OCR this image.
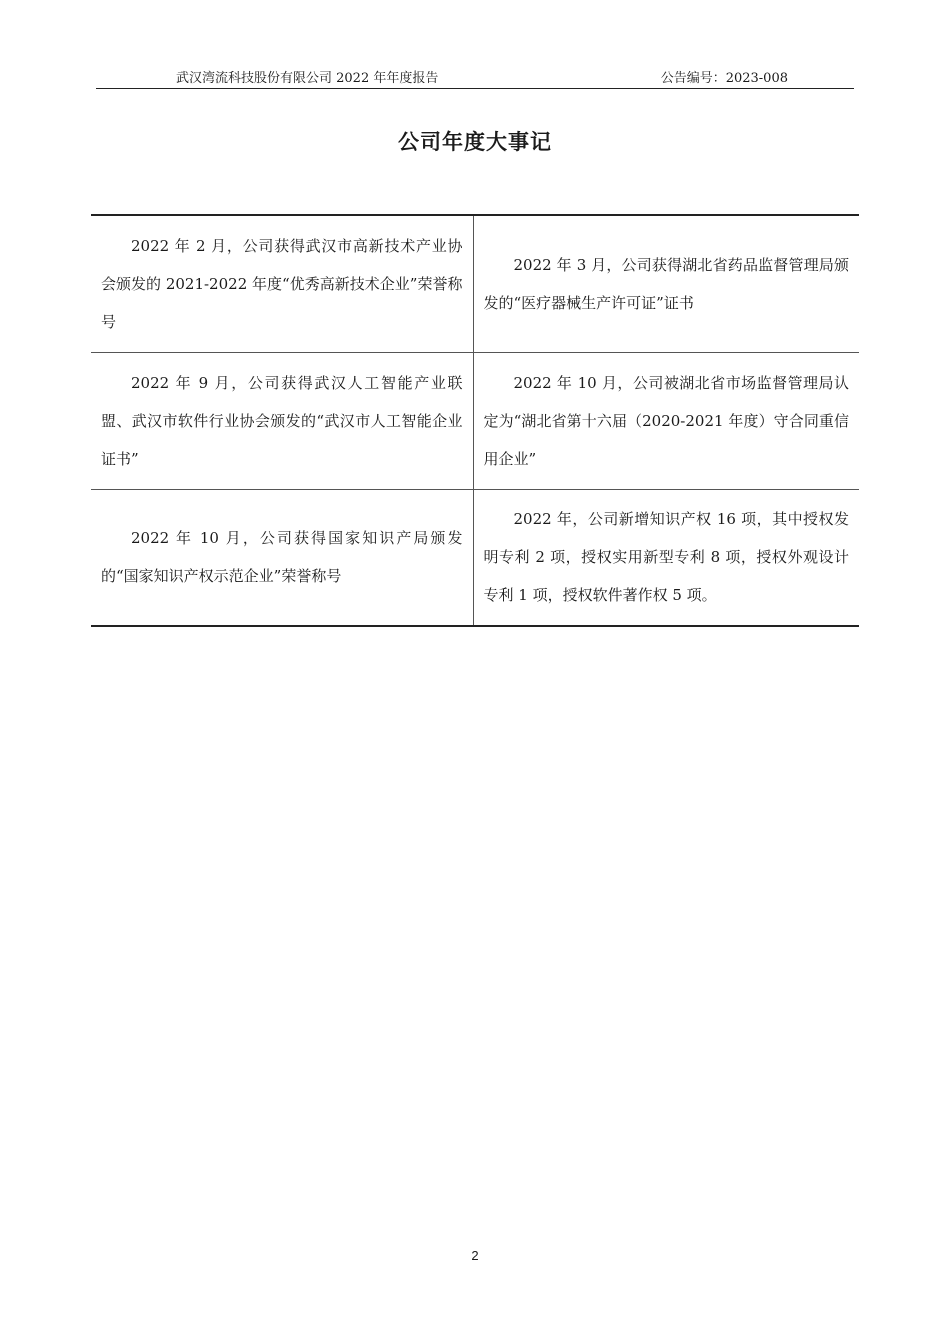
武汉湾流科技股份有限公司 2022 年年度报告	公告编号：2023-008
公司年度大事记
2022 年 2 月，公司获得武汉市高新技术产业协会颁发的 2021-2022 年度“优秀高新技术企业”荣誉称号	2022 年 3 月，公司获得湖北省药品监督管理局颁发的“医疗器械生产许可证”证书
2022 年 9 月，公司获得武汉人工智能产业联盟、武汉市软件行业协会颁发的“武汉市人工智能企业证书”	2022 年 10 月，公司被湖北省市场监督管理局认定为“湖北省第十六届（2020-2021 年度）守合同重信用企业”
2022 年 10 月，公司获得国家知识产局颁发的“国家知识产权示范企业”荣誉称号	2022 年，公司新增知识产权 16 项，其中授权发明专利 2 项，授权实用新型专利 8 项，授权外观设计专利 1 项，授权软件著作权 5 项。
2
